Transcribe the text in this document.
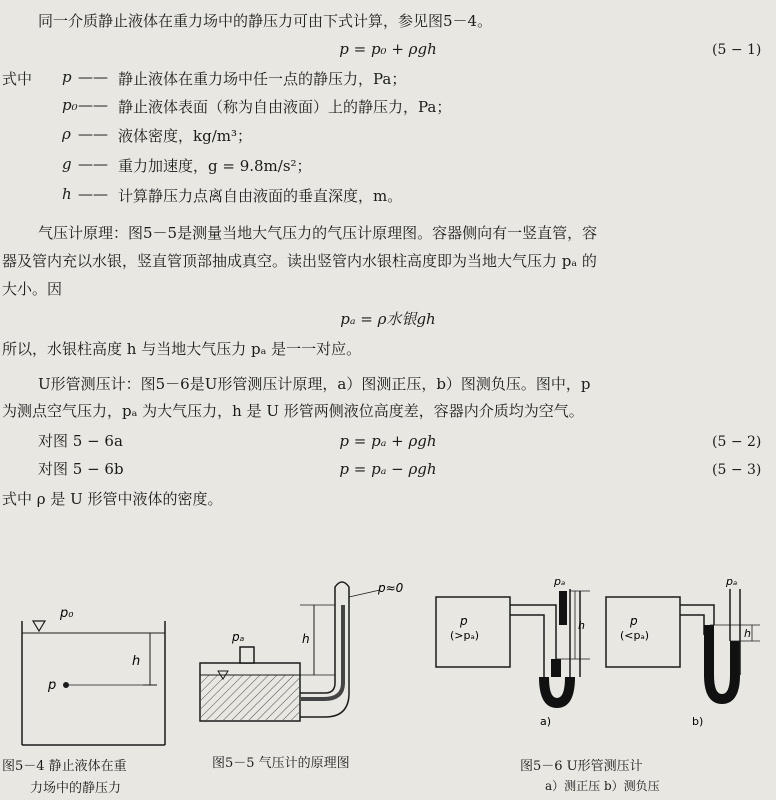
同一介质静止液体在重力场中的静压力可由下式计算，参见图5－4。
p = p₀ + ρgh	(5 − 1)
式中 p —— 静止液体在重力场中任一点的静压力，Pa；
p₀ —— 静止液体表面（称为自由液面）上的静压力，Pa；
ρ —— 液体密度，kg/m³；
g —— 重力加速度，g = 9.8m/s²；
h —— 计算静压力点离自由液面的垂直深度，m。
气压计原理：图5－5是测量当地大气压力的气压计原理图。容器侧向有一竖直管，容
器及管内充以水银，竖直管顶部抽成真空。读出竖管内水银柱高度即为当地大气压力 pₐ 的
大小。因
pₐ = ρ水银gh
所以，水银柱高度 h 与当地大气压力 pₐ 是一一对应。
U形管测压计：图5－6是U形管测压计原理，a）图测正压，b）图测负压。图中，p
为测点空气压力，pₐ 为大气压力，h 是 U 形管两侧液位高度差，容器内介质均为空气。
对图 5 − 6a	p = pₐ + ρgh	(5 − 2)
对图 5 − 6b	p = pₐ − ρgh	(5 − 3)
式中 ρ 是 U 形管中液体的密度。
p₀
h
p
图5－4 静止液体在重
力场中的静压力
pₐ	h
p≈0
图5－5 气压计的原理图
p
(>pₐ)
pₐ
h
a)
p
(<pₐ)
pₐ
h
b)
图5－6 U形管测压计
a）测正压 b）测负压
